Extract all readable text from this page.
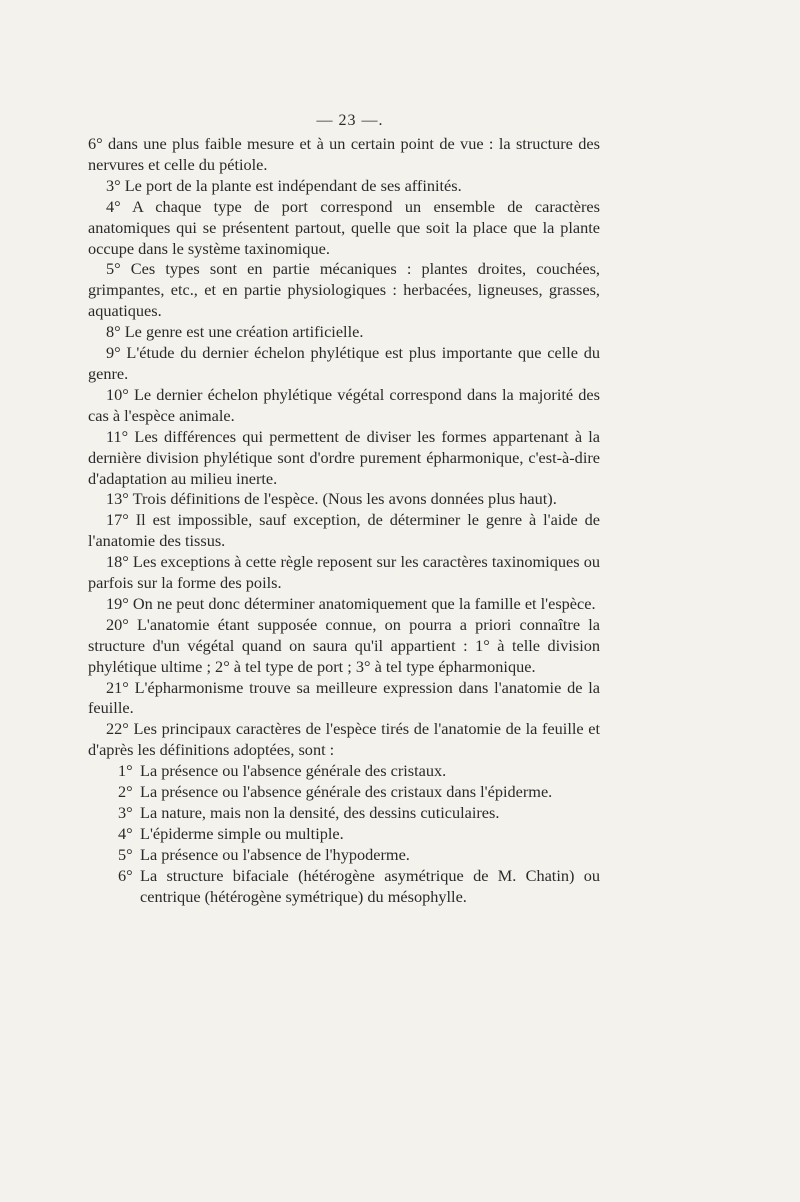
— 23 —.

6° dans une plus faible mesure et à un certain point de vue : la structure des nervures et celle du pétiole.

3° Le port de la plante est indépendant de ses affinités.

4° A chaque type de port correspond un ensemble de caractères anatomiques qui se présentent partout, quelle que soit la place que la plante occupe dans le système taxinomique.

5° Ces types sont en partie mécaniques : plantes droites, couchées, grimpantes, etc., et en partie physiologiques : herbacées, ligneuses, grasses, aquatiques.

8° Le genre est une création artificielle.

9° L'étude du dernier échelon phylétique est plus importante que celle du genre.

10° Le dernier échelon phylétique végétal correspond dans la majorité des cas à l'espèce animale.

11° Les différences qui permettent de diviser les formes appartenant à la dernière division phylétique sont d'ordre purement épharmonique, c'est-à-dire d'adaptation au milieu inerte.

13° Trois définitions de l'espèce. (Nous les avons données plus haut).

17° Il est impossible, sauf exception, de déterminer le genre à l'aide de l'anatomie des tissus.

18° Les exceptions à cette règle reposent sur les caractères taxinomiques ou parfois sur la forme des poils.

19° On ne peut donc déterminer anatomiquement que la famille et l'espèce.

20° L'anatomie étant supposée connue, on pourra a priori connaître la structure d'un végétal quand on saura qu'il appartient : 1° à telle division phylétique ultime ; 2° à tel type de port ; 3° à tel type épharmonique.

21° L'épharmonisme trouve sa meilleure expression dans l'anatomie de la feuille.

22° Les principaux caractères de l'espèce tirés de l'anatomie de la feuille et d'après les définitions adoptées, sont :

1° La présence ou l'absence générale des cristaux.
2° La présence ou l'absence générale des cristaux dans l'épiderme.
3° La nature, mais non la densité, des dessins cuticulaires.
4° L'épiderme simple ou multiple.
5° La présence ou l'absence de l'hypoderme.
6° La structure bifaciale (hétérogène asymétrique de M. Chatin) ou centrique (hétérogène symétrique) du mésophylle.
